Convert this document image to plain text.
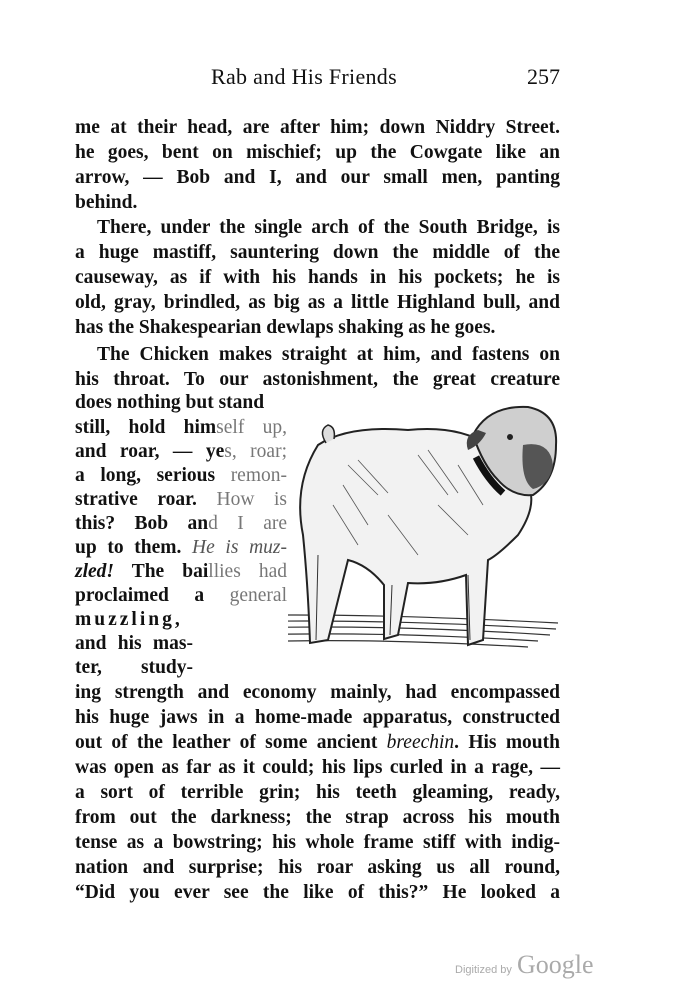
Rab and His Friends	257
me at their head, are after him; down Niddry Street.
he goes, bent on mischief; up the Cowgate like an
arrow, — Bob and I, and our small men, panting
behind.
There, under the single arch of the South Bridge, is
a huge mastiff, sauntering down the middle of the
causeway, as if with his hands in his pockets; he is
old, gray, brindled, as big as a little Highland bull, and
has the Shakespearian dewlaps shaking as he goes.
The Chicken makes straight at him, and fastens on
his throat. To our astonishment, the great creature
does nothing but stand
still, hold himself up,
and roar, — yes, roar;
a long, serious remon-
strative roar. How is
this? Bob and I are
up to them. He is muz-
zled! The baillies had
proclaimed a general
muzzling,
and his mas-
ter, study-
ing strength and economy mainly, had encompassed
his huge jaws in a home-made apparatus, constructed
out of the leather of some ancient breechin. His mouth
was open as far as it could; his lips curled in a rage, —
a sort of terrible grin; his teeth gleaming, ready,
from out the darkness; the strap across his mouth
tense as a bowstring; his whole frame stiff with indig-
nation and surprise; his roar asking us all round,
“Did you ever see the like of this?” He looked a
Digitized by Google
